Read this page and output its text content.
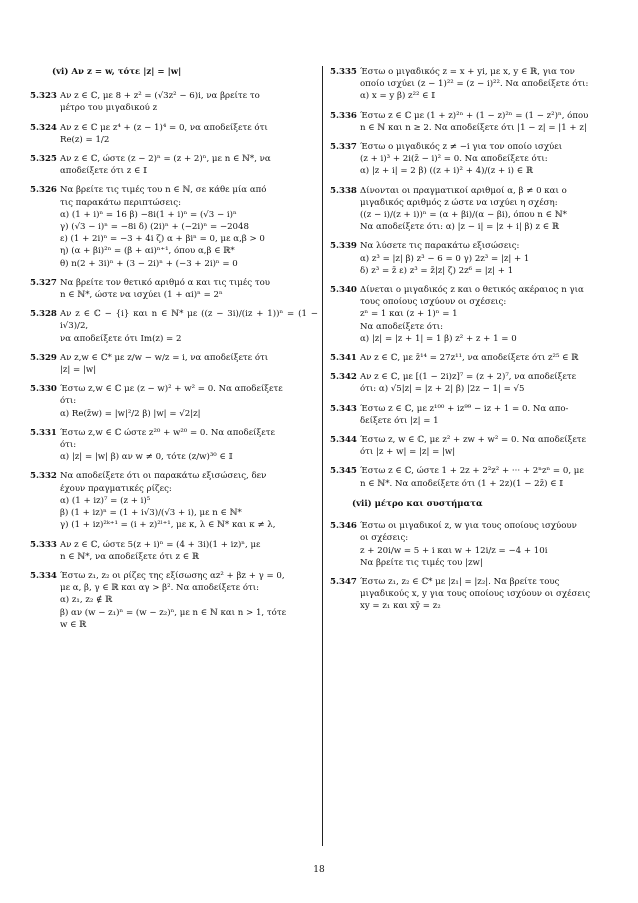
(vi) Αν z = w, τότε |z| = |w|
5.323 Αν z ∈ ℂ, με 8 + z² = (√3z² − 6)i, να βρείτε το

μέτρο του μιγαδικού z

5.324 Αν z ∈ ℂ με z⁴ + (z − 1)⁴ = 0, να αποδείξετε ότι

Re(z) = 1/2

5.325 Αν z ∈ ℂ, ώστε (z − 2)ⁿ = (z + 2)ⁿ, με n ∈ ℕ*, να

αποδείξετε ότι z ∈ 𝕀

5.326 Να βρείτε τις τιμές του n ∈ ℕ, σε κάθε μία από

τις παρακάτω περιπτώσεις:

α) (1 + i)ⁿ = 16 β) −8i(1 + i)ⁿ = (√3 − i)ⁿ

γ) (√3 − i)ⁿ = −8i δ) (2i)ⁿ + (−2i)ⁿ = −2048

ε) (1 + 2i)ⁿ = −3 + 4i ζ) α + βiⁿ = 0, με α,β > 0

η) (α + βi)²ⁿ = (β + αi)ⁿ⁺¹, όπου α,β ∈ ℝ*

θ) n(2 + 3i)ⁿ + (3 − 2i)ⁿ + (−3 + 2i)ⁿ = 0

5.327 Να βρείτε τον θετικό αριθμό α και τις τιμές του

n ∈ ℕ*, ώστε να ισχύει (1 + αi)ⁿ = 2ⁿ

5.328 Αν z ∈ ℂ − {i} και n ∈ ℕ* με ((z − 3i)/(iz + 1))ⁿ = (1 − i√3)/2,

να αποδείξετε ότι Im(z) = 2

5.329 Αν z,w ∈ ℂ* με z/w − w/z = i, να αποδείξετε ότι

|z| = |w|

5.330 Έστω z,w ∈ ℂ με (z − w)² + w² = 0. Να αποδείξετε

ότι:

α) Re(z̄w) = |w|²/2 β) |w| = √2|z|

5.331 Έστω z,w ∈ ℂ ώστε z²⁰ + w²⁰ = 0. Να αποδείξετε

ότι:

α) |z| = |w| β) αν w ≠ 0, τότε (z/w)³⁰ ∈ 𝕀

5.332 Να αποδείξετε ότι οι παρακάτω εξισώσεις, δεν

έχουν πραγματικές ρίζες:

α) (1 + iz)⁷ = (z + i)⁵

β) (1 + iz)ⁿ = (1 + i√3)/(√3 + i), με n ∈ ℕ*

γ) (1 + iz)²ᵏ⁺¹ = (i + z)²ˡ⁺¹, με κ, λ ∈ ℕ* και κ ≠ λ,

5.333 Αν z ∈ ℂ, ώστε 5(z + i)ⁿ = (4 + 3i)(1 + iz)ⁿ, με

n ∈ ℕ*, να αποδείξετε ότι z ∈ ℝ

5.334 Έστω z₁, z₂ οι ρίζες της εξίσωσης αz² + βz + γ = 0,

με α, β, γ ∈ ℝ και αγ > β². Να αποδείξετε ότι:

α) z₁, z₂ ∉ ℝ

β) αν (w − z₁)ⁿ = (w − z₂)ⁿ, με n ∈ ℕ και n > 1, τότε

w ∈ ℝ

5.335 Έστω ο μιγαδικός z = x + yi, με x, y ∈ ℝ, για τον

οποίο ισχύει (z − 1)²² = (z − i)²². Να αποδείξετε ότι:

α) x = y β) z²² ∈ 𝕀

5.336 Έστω z ∈ ℂ με (1 + z)²ⁿ + (1 − z)²ⁿ = (1 − z²)ⁿ, όπου

n ∈ ℕ και n ≥ 2. Να αποδείξετε ότι |1 − z| = |1 + z|

5.337 Έστω ο μιγαδικός z ≠ −i για τον οποίο ισχύει

(z + i)³ + 2i(z̄ − i)² = 0. Να αποδείξετε ότι:

α) |z + i| = 2 β) ((z + i)² + 4)/(z + i) ∈ ℝ

5.338 Δίνονται οι πραγματικοί αριθμοί α, β ≠ 0 και ο

μιγαδικός αριθμός z ώστε να ισχύει η σχέση:

((z − i)/(z + i))ⁿ = (α + βi)/(α − βi), όπου n ∈ ℕ*

Να αποδείξετε ότι: α) |z − i| = |z + i| β) z ∈ ℝ

5.339 Να λύσετε τις παρακάτω εξισώσεις:

α) z³ = |z| β) z³ − 6 = 0 γ) 2z³ = |z| + 1

δ) z³ = z̄ ε) z³ = z̄|z| ζ) 2z⁶ = |z| + 1

5.340 Δίνεται ο μιγαδικός z και ο θετικός ακέραιος n για

τους οποίους ισχύουν οι σχέσεις:

zⁿ = 1 και (z + 1)ⁿ = 1

Να αποδείξετε ότι:

α) |z| = |z + 1| = 1 β) z² + z + 1 = 0

5.341 Αν z ∈ ℂ, με z̄¹⁴ = 27z¹¹, να αποδείξετε ότι z²⁵ ∈ ℝ

5.342 Αν z ∈ ℂ, με [(1 − 2i)z]⁷ = (z + 2)⁷, να αποδείξετε

ότι: α) √5|z| = |z + 2| β) |2z − 1| = √5

5.343 Έστω z ∈ ℂ, με z¹⁰⁰ + iz⁹⁹ − iz + 1 = 0. Να απο-

δείξετε ότι |z| = 1

5.344 Έστω z, w ∈ ℂ, με z² + zw + w² = 0. Να αποδείξετε

ότι |z + w| = |z| = |w|

5.345 Έστω z ∈ ℂ, ώστε 1 + 2z + 2²z² + ··· + 2ⁿzⁿ = 0, με

n ∈ ℕ*. Να αποδείξετε ότι (1 + 2z)(1 − 2z̄) ∈ 𝕀

(vii) μέτρο και συστήματα
5.346 Έστω οι μιγαδικοί z, w για τους οποίους ισχύουν

οι σχέσεις:

z + 20i/w = 5 + i και w + 12i/z = −4 + 10i

Να βρείτε τις τιμές του |zw|

5.347 Έστω z₁, z₂ ∈ ℂ* με |z₁| = |z₂|. Να βρείτε τους

μιγαδικούς x, y για τους οποίους ισχύουν οι σχέσεις

xy = z₁ και xȳ = z₂

18
